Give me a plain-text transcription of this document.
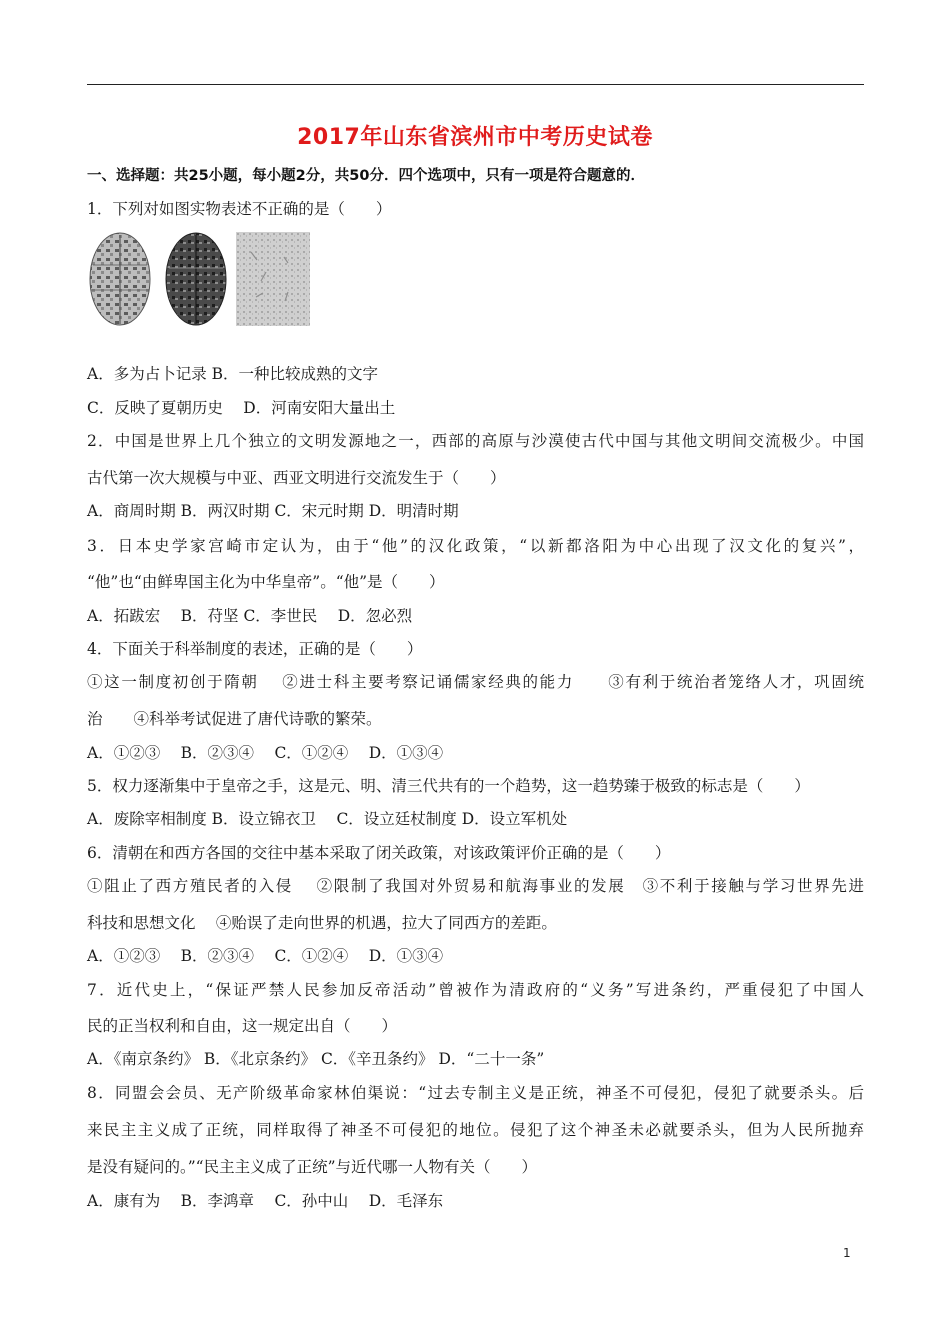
2017年山东省滨州市中考历史试卷
一、选择题：共25小题，每小题2分，共50分．四个选项中，只有一项是符合题意的．
1．下列对如图实物表述不正确的是（　　）
A．多为占卜记录 B．一种比较成熟的文字
C．反映了夏朝历史　 D．河南安阳大量出土
2．中国是世界上几个独立的文明发源地之一，西部的高原与沙漠使古代中国与其他文明间交流极少。中国
古代第一次大规模与中亚、西亚文明进行交流发生于（　　）
A．商周时期 B．两汉时期 C．宋元时期 D．明清时期
3．日本史学家宫崎市定认为，由于“他”的汉化政策，“以新都洛阳为中心出现了汉文化的复兴”，
“他”也“由鲜卑国主化为中华皇帝”。“他”是（　　）
A．拓跋宏　 B．苻坚 C．李世民　 D．忽必烈
4．下面关于科举制度的表述，正确的是（　　）
①这一制度初创于隋朝　 ②进士科主要考察记诵儒家经典的能力　　③有利于统治者笼络人才，巩固统
治　　④科举考试促进了唐代诗歌的繁荣。
A．①②③　 B．②③④　 C．①②④　 D．①③④
5．权力逐渐集中于皇帝之手，这是元、明、清三代共有的一个趋势，这一趋势臻于极致的标志是（　　）
A．废除宰相制度 B．设立锦衣卫　 C．设立廷杖制度 D．设立军机处
6．清朝在和西方各国的交往中基本采取了闭关政策，对该政策评价正确的是（　　）
①阻止了西方殖民者的入侵　 ②限制了我国对外贸易和航海事业的发展　③不利于接触与学习世界先进
科技和思想文化　 ④贻误了走向世界的机遇，拉大了同西方的差距。
A．①②③　 B．②③④　 C．①②④　 D．①③④
7．近代史上，“保证严禁人民参加反帝活动”曾被作为清政府的“义务”写进条约，严重侵犯了中国人
民的正当权利和自由，这一规定出自（　　）
A．《南京条约》 B．《北京条约》 C．《辛丑条约》 D．“二十一条”
8．同盟会会员、无产阶级革命家林伯渠说：“过去专制主义是正统，神圣不可侵犯，侵犯了就要杀头。后
来民主主义成了正统，同样取得了神圣不可侵犯的地位。侵犯了这个神圣未必就要杀头，但为人民所抛弃
是没有疑问的。”“民主主义成了正统”与近代哪一人物有关（　　）
A．康有为　 B．李鸿章　 C．孙中山　 D．毛泽东
1
